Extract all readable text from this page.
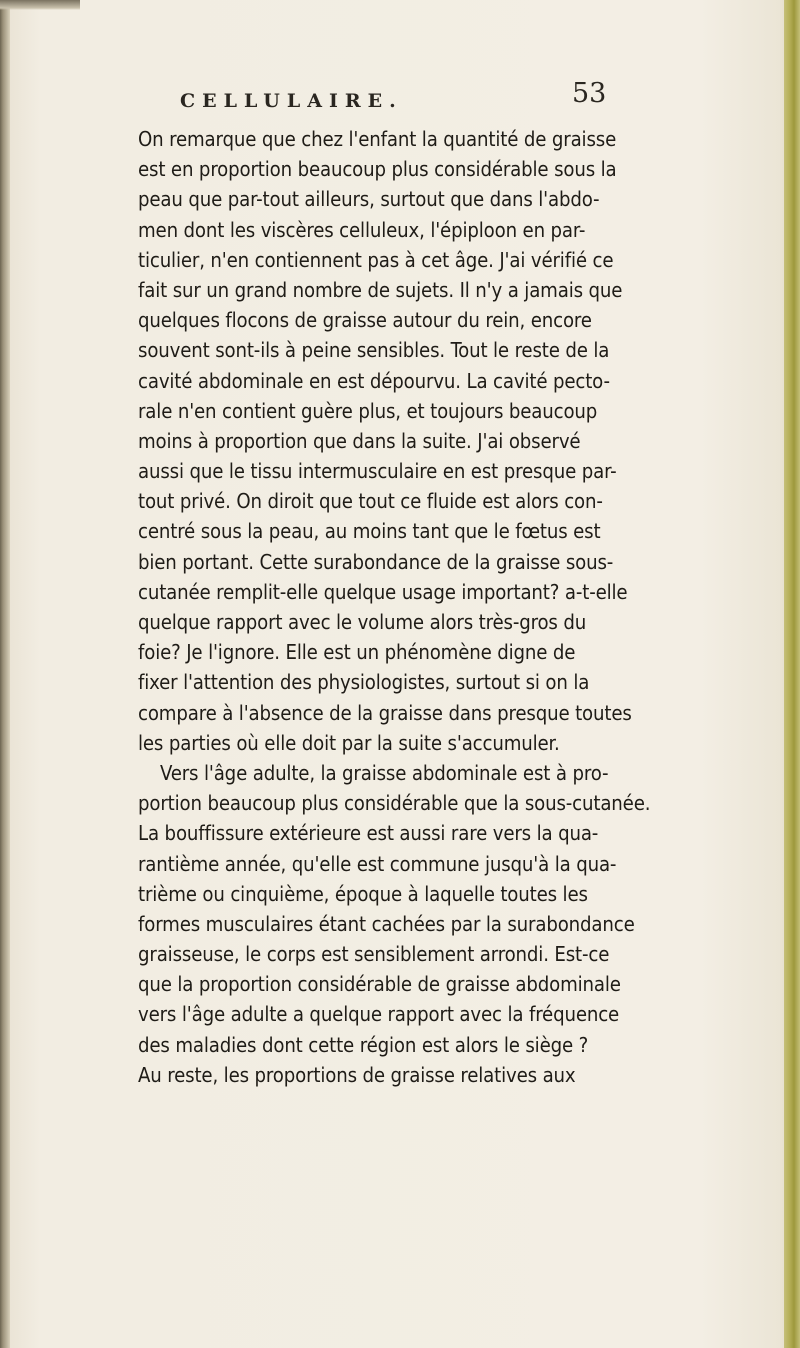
CELLULAIRE.	53
On remarque que chez l'enfant la quantité de graisse
est en proportion beaucoup plus considérable sous la
peau que par-tout ailleurs, surtout que dans l'abdo-
men dont les viscères celluleux, l'épiploon en par-
ticulier, n'en contiennent pas à cet âge. J'ai vérifié ce
fait sur un grand nombre de sujets. Il n'y a jamais que
quelques flocons de graisse autour du rein, encore
souvent sont-ils à peine sensibles. Tout le reste de la
cavité abdominale en est dépourvu. La cavité pecto-
rale n'en contient guère plus, et toujours beaucoup
moins à proportion que dans la suite. J'ai observé
aussi que le tissu intermusculaire en est presque par-
tout privé. On diroit que tout ce fluide est alors con-
centré sous la peau, au moins tant que le fœtus est
bien portant. Cette surabondance de la graisse sous-
cutanée remplit-elle quelque usage important? a-t-elle
quelque rapport avec le volume alors très-gros du
foie? Je l'ignore. Elle est un phénomène digne de
fixer l'attention des physiologistes, surtout si on la
compare à l'absence de la graisse dans presque toutes
les parties où elle doit par la suite s'accumuler.
Vers l'âge adulte, la graisse abdominale est à pro-
portion beaucoup plus considérable que la sous-cutanée.
La bouffissure extérieure est aussi rare vers la qua-
rantième année, qu'elle est commune jusqu'à la qua-
trième ou cinquième, époque à laquelle toutes les
formes musculaires étant cachées par la surabondance
graisseuse, le corps est sensiblement arrondi. Est-ce
que la proportion considérable de graisse abdominale
vers l'âge adulte a quelque rapport avec la fréquence
des maladies dont cette région est alors le siège ?
Au reste, les proportions de graisse relatives aux
